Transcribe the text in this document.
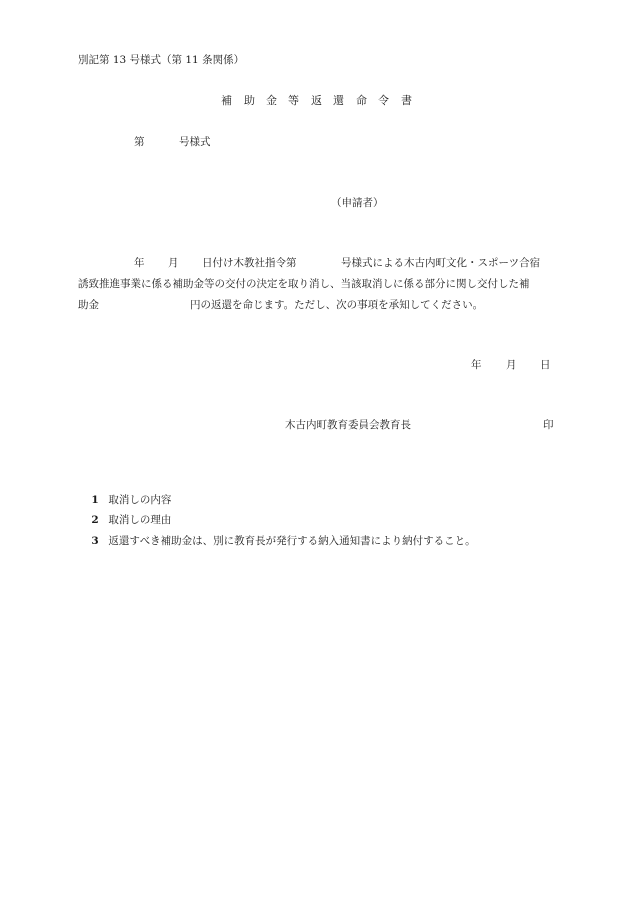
別記第 13 号様式（第 11 条関係）
補 助 金 等 返 還 命 令 書
第	号様式
（申請者）
年 月 日付け木教社指令第	号様式による木古内町文化・スポーツ合宿
誘致推進事業に係る補助金等の交付の決定を取り消し、当該取消しに係る部分に関し交付した補
助金	円の返還を命じます。ただし、次の事項を承知してください。
年 月 日
木古内町教育委員会教育長	印

1 取消しの内容

2 取消しの理由

3 返還すべき補助金は、別に教育長が発行する納入通知書により納付すること。
